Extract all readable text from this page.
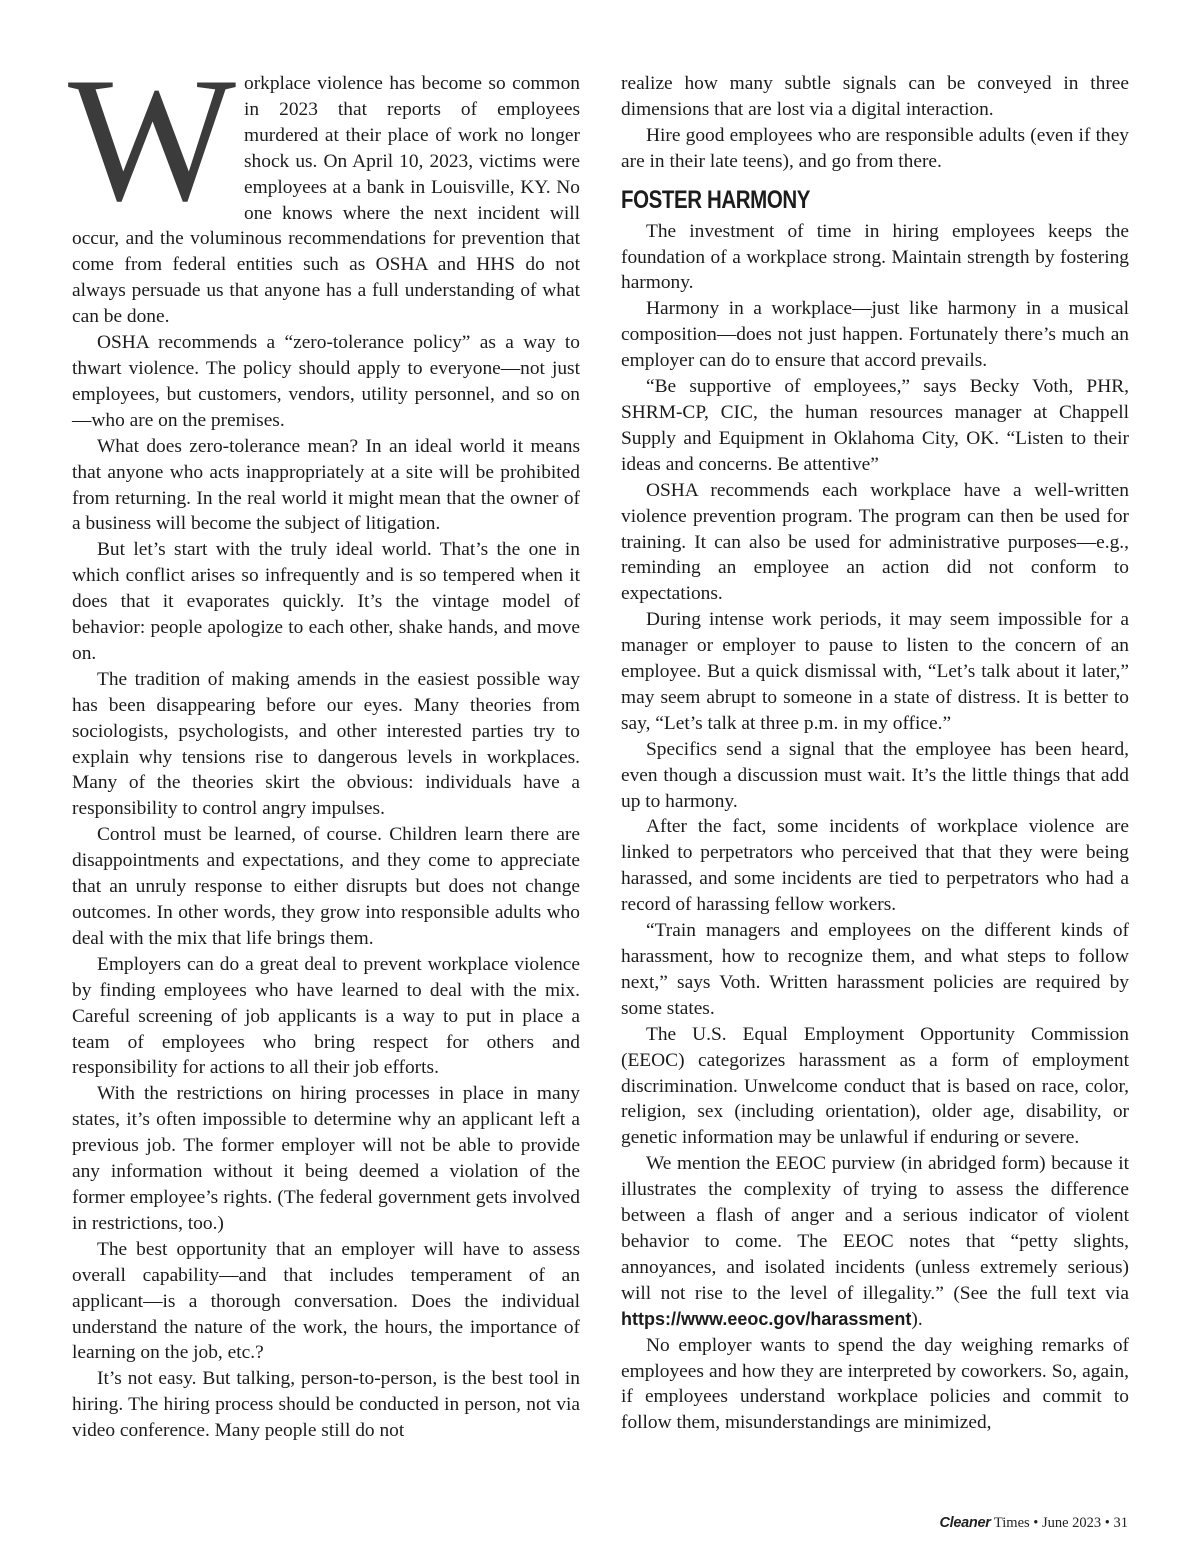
Workplace violence has become so common in 2023 that reports of employees murdered at their place of work no longer shock us. On April 10, 2023, victims were employees at a bank in Louisville, KY. No one knows where the next incident will occur, and the voluminous recommendations for prevention that come from federal entities such as OSHA and HHS do not always persuade us that anyone has a full understanding of what can be done.

OSHA recommends a “zero-tolerance policy” as a way to thwart violence. The policy should apply to everyone—not just employees, but customers, vendors, utility personnel, and so on—who are on the premises.

What does zero-tolerance mean? In an ideal world it means that anyone who acts inappropriately at a site will be prohibited from returning. In the real world it might mean that the owner of a business will become the subject of litigation.

But let’s start with the truly ideal world. That’s the one in which conflict arises so infrequently and is so tempered when it does that it evaporates quickly. It’s the vintage model of behavior: people apologize to each other, shake hands, and move on.

The tradition of making amends in the easiest possible way has been disappearing before our eyes. Many theories from sociologists, psychologists, and other interested parties try to explain why tensions rise to dangerous levels in workplaces. Many of the theories skirt the obvious: individuals have a responsibility to control angry impulses.

Control must be learned, of course. Children learn there are disappointments and expectations, and they come to appreciate that an unruly response to either disrupts but does not change outcomes. In other words, they grow into responsible adults who deal with the mix that life brings them.

Employers can do a great deal to prevent workplace violence by finding employees who have learned to deal with the mix. Careful screening of job applicants is a way to put in place a team of employees who bring respect for others and responsibility for actions to all their job efforts.

With the restrictions on hiring processes in place in many states, it’s often impossible to determine why an applicant left a previous job. The former employer will not be able to provide any information without it being deemed a violation of the former employee’s rights. (The federal government gets involved in restrictions, too.)

The best opportunity that an employer will have to assess overall capability—and that includes temperament of an applicant—is a thorough conversation. Does the individual understand the nature of the work, the hours, the importance of learning on the job, etc.?

It’s not easy. But talking, person-to-person, is the best tool in hiring. The hiring process should be conducted in person, not via video conference. Many people still do not

realize how many subtle signals can be conveyed in three dimensions that are lost via a digital interaction.

Hire good employees who are responsible adults (even if they are in their late teens), and go from there.

FOSTER HARMONY

The investment of time in hiring employees keeps the foundation of a workplace strong. Maintain strength by fostering harmony.

Harmony in a workplace—just like harmony in a musical composition—does not just happen. Fortunately there’s much an employer can do to ensure that accord prevails.

“Be supportive of employees,” says Becky Voth, PHR, SHRM-CP, CIC, the human resources manager at Chappell Supply and Equipment in Oklahoma City, OK. “Listen to their ideas and concerns. Be attentive”

OSHA recommends each workplace have a well-written violence prevention program. The program can then be used for training. It can also be used for administrative purposes—e.g., reminding an employee an action did not conform to expectations.

During intense work periods, it may seem impossible for a manager or employer to pause to listen to the concern of an employee. But a quick dismissal with, “Let’s talk about it later,” may seem abrupt to someone in a state of distress. It is better to say, “Let’s talk at three p.m. in my office.”

Specifics send a signal that the employee has been heard, even though a discussion must wait. It’s the little things that add up to harmony.

After the fact, some incidents of workplace violence are linked to perpetrators who perceived that that they were being harassed, and some incidents are tied to perpetrators who had a record of harassing fellow workers.

“Train managers and employees on the different kinds of harassment, how to recognize them, and what steps to follow next,” says Voth. Written harassment policies are required by some states.

The U.S. Equal Employment Opportunity Commission (EEOC) categorizes harassment as a form of employment discrimination. Unwelcome conduct that is based on race, color, religion, sex (including orientation), older age, disability, or genetic information may be unlawful if enduring or severe.

We mention the EEOC purview (in abridged form) because it illustrates the complexity of trying to assess the difference between a flash of anger and a serious indicator of violent behavior to come. The EEOC notes that “petty slights, annoyances, and isolated incidents (unless extremely serious) will not rise to the level of illegality.” (See the full text via https://www.eeoc.gov/harassment).

No employer wants to spend the day weighing remarks of employees and how they are interpreted by coworkers. So, again, if employees understand workplace policies and commit to follow them, misunderstandings are minimized,

Cleaner Times • June 2023 • 31
